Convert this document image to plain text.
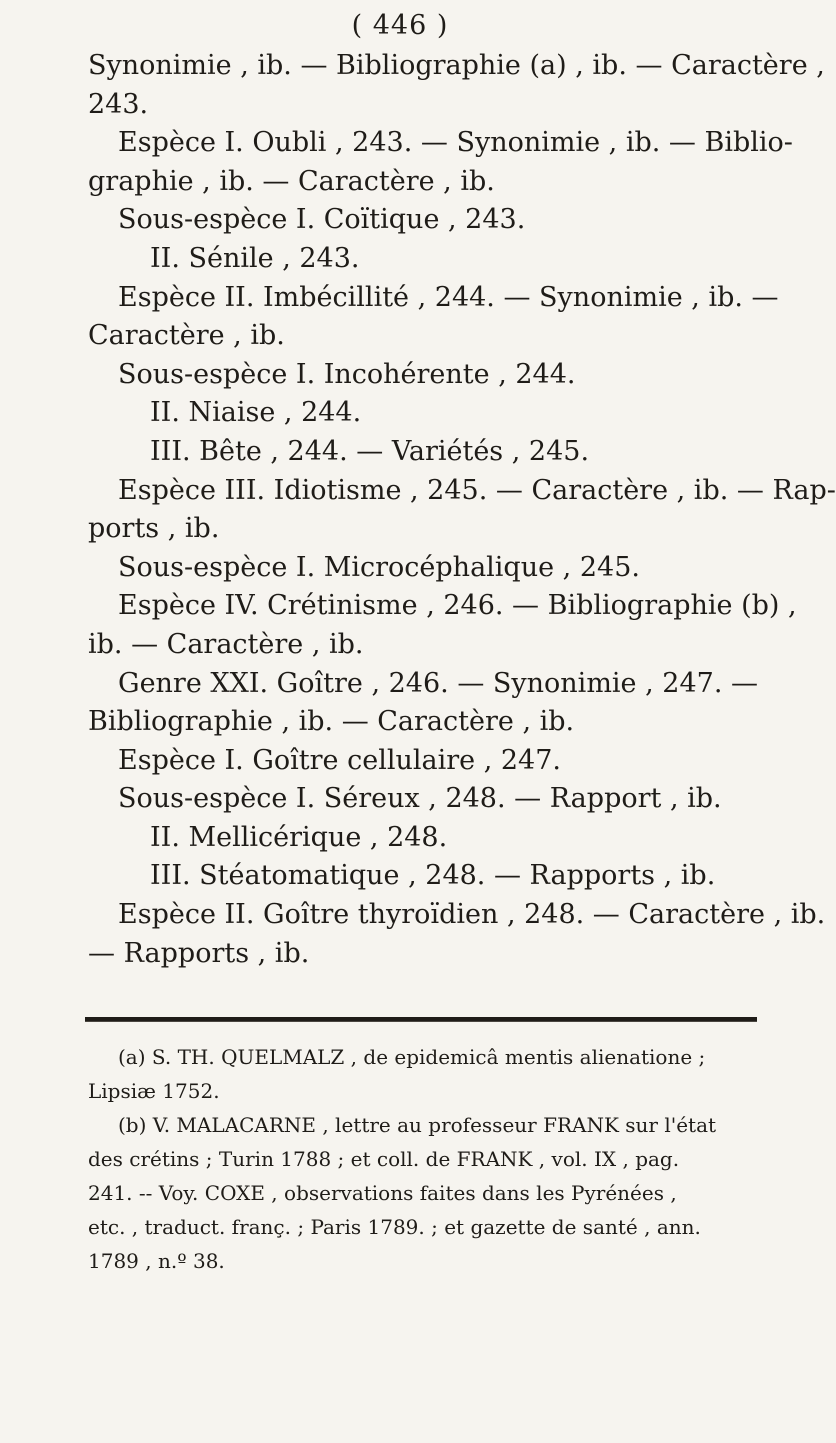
( 446 )

Synonimie , ib. — Bibliographie (a) , ib. — Caractère ,

243.

Espèce I. Oubli , 243. — Synonimie , ib. — Biblio-

graphie , ib. — Caractère , ib.

Sous-espèce I. Coïtique , 243.

II. Sénile , 243.

Espèce II. Imbécillité , 244. — Synonimie , ib. —

Caractère , ib.

Sous-espèce I. Incohérente , 244.

II. Niaise , 244.

III. Bête , 244. — Variétés , 245.

Espèce III. Idiotisme , 245. — Caractère , ib. — Rap-

ports , ib.

Sous-espèce I. Microcéphalique , 245.

Espèce IV. Crétinisme , 246. — Bibliographie (b) ,

ib. — Caractère , ib.

Genre XXI. Goître , 246. — Synonimie , 247. —

Bibliographie , ib. — Caractère , ib.

Espèce I. Goître cellulaire , 247.

Sous-espèce I. Séreux , 248. — Rapport , ib.

II. Mellicérique , 248.

III. Stéatomatique , 248. — Rapports , ib.

Espèce II. Goître thyroïdien , 248. — Caractère , ib.

— Rapports , ib.

(a) S. TH. QUELMALZ , de epidemicâ mentis alienatione ;

Lipsiæ 1752.

(b) V. MALACARNE , lettre au professeur FRANK sur l'état

des crétins ; Turin 1788 ; et coll. de FRANK , vol. IX , pag.

241. -- Voy. COXE , observations faites dans les Pyrénées ,

etc. , traduct. franç. ; Paris 1789. ; et gazette de santé , ann.

1789 , n.º 38.
